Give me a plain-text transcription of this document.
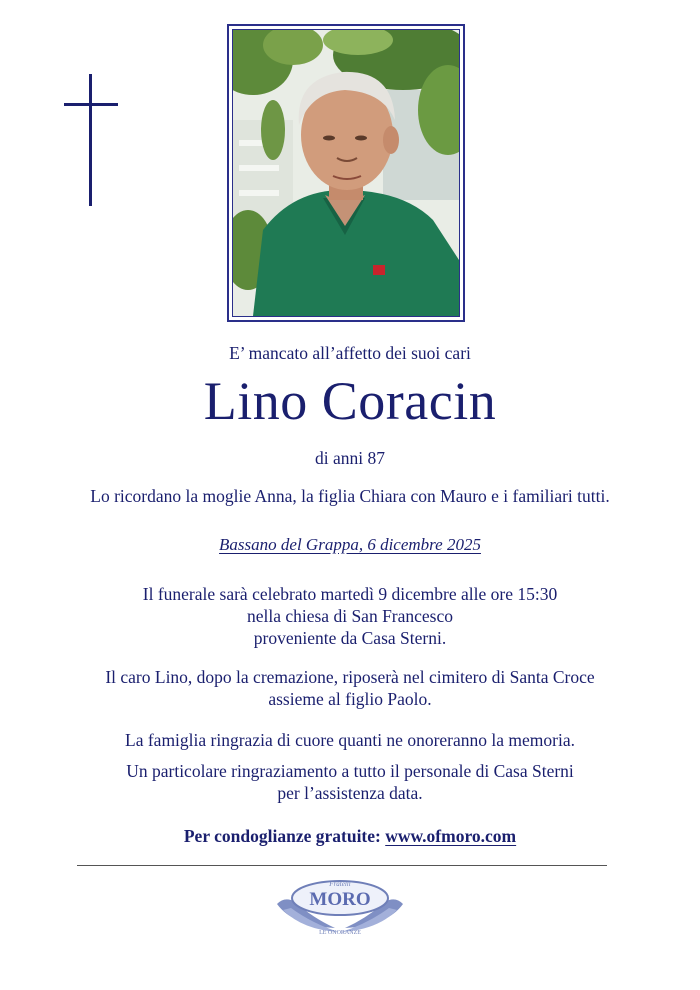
E’ mancato all’affetto dei suoi cari
Lino Coracin
di anni 87
Lo ricordano la moglie Anna, la figlia Chiara con Mauro e i familiari tutti.
Bassano del Grappa, 6 dicembre 2025
Il funerale sarà celebrato martedì 9 dicembre alle ore 15:30
nella chiesa di San Francesco
proveniente da Casa Sterni.
Il caro Lino, dopo la cremazione, riposerà nel cimitero di Santa Croce
assieme al figlio Paolo.
La famiglia ringrazia di cuore quanti ne onoreranno la memoria.
Un particolare ringraziamento a tutto il personale di Casa Sterni
per l’assistenza data.
Per condoglianze gratuite: www.ofmoro.com
Fratelli
MORO
LE ONORANZE
